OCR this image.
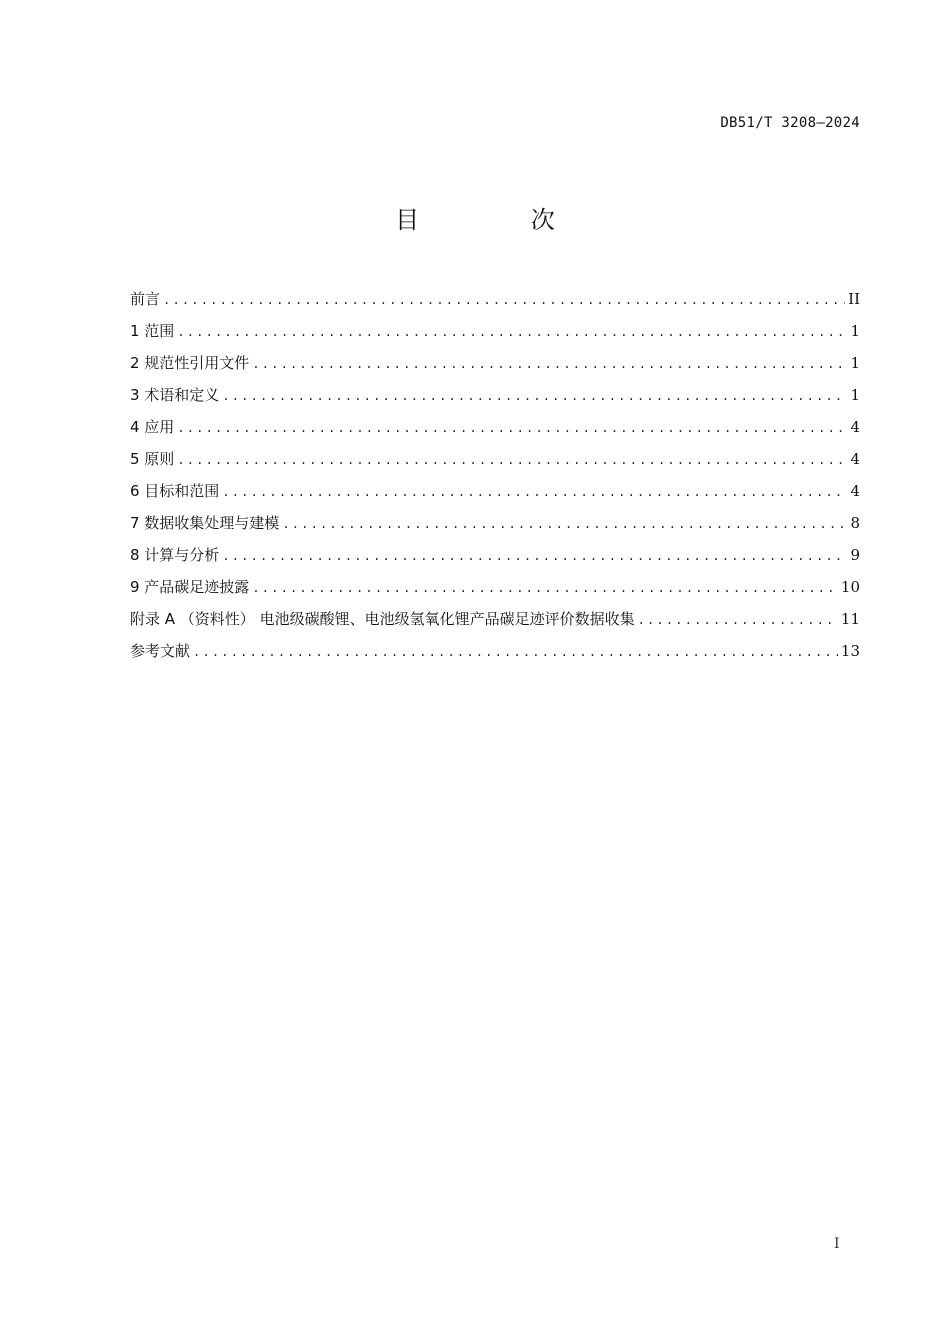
DB51/T 3208—2024
目 次
前言 .....	II
1 范围 .....	1
2 规范性引用文件 .....	1
3 术语和定义 .....	1
4 应用 .....	4
5 原则 .....	4
6 目标和范围 .....	4
7 数据收集处理与建模 .....	8
8 计算与分析 .....	9
9 产品碳足迹披露 .....	10
附录 A （资料性） 电池级碳酸锂、电池级氢氧化锂产品碳足迹评价数据收集 .....	11
参考文献 .....	13
I
